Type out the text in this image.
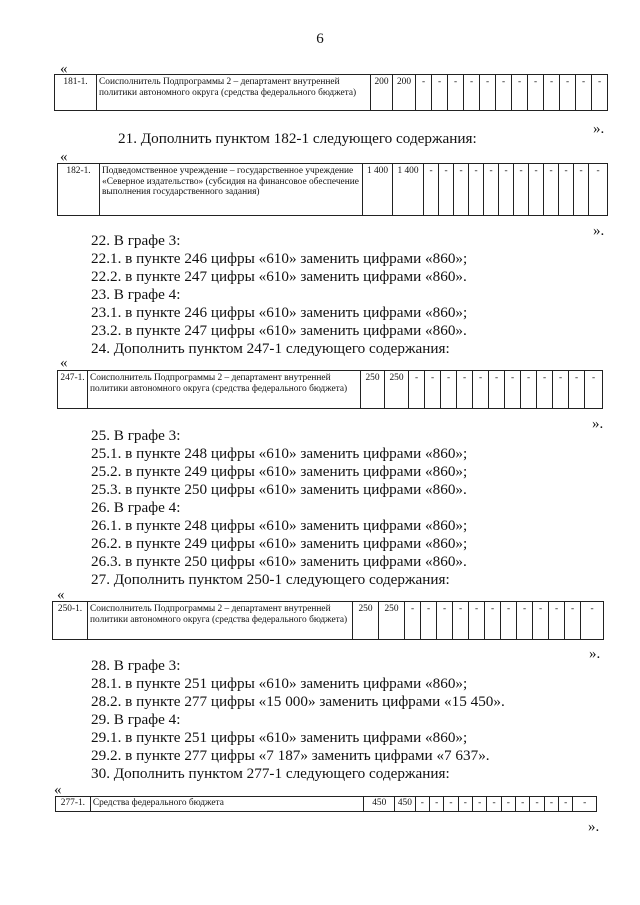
6
«
181-1.	Соисполнитель Подпрограммы 2 – департамент внутренней политики автономного округа (средства федерального бюджета)	200	200	-	-	-	-	-	-	-	-	-	-	-	-
».
21. Дополнить пунктом 182-1 следующего содержания:
«
182-1.	Подведомственное учреждение – государственное учреждение «Северное издательство» (субсидия на финансовое обеспечение выполнения государственного задания)	1 400	1 400	-	-	-	-	-	-	-	-	-	-	-	-
».
22. В графе 3:
22.1. в пункте 246 цифры «610» заменить цифрами «860»;
22.2. в пункте 247 цифры «610» заменить цифрами «860».
23. В графе 4:
23.1. в пункте 246 цифры «610» заменить цифрами «860»;
23.2. в пункте 247 цифры «610» заменить цифрами «860».
24. Дополнить пунктом 247-1 следующего содержания:
«
247-1.	Соисполнитель Подпрограммы 2 – департамент внутренней политики автономного округа (средства федерального бюджета)	250	250	-	-	-	-	-	-	-	-	-	-	-	-
».
25. В графе 3:
25.1. в пункте 248 цифры «610» заменить цифрами «860»;
25.2. в пункте 249 цифры «610» заменить цифрами «860»;
25.3. в пункте 250 цифры «610» заменить цифрами «860».
26. В графе 4:
26.1. в пункте 248 цифры «610» заменить цифрами «860»;
26.2. в пункте 249 цифры «610» заменить цифрами «860»;
26.3. в пункте 250 цифры «610» заменить цифрами «860».
27. Дополнить пунктом 250-1 следующего содержания:
«
250-1.	Соисполнитель Подпрограммы 2 – департамент внутренней политики автономного округа (средства федерального бюджета)	250	250	-	-	-	-	-	-	-	-	-	-	-	-
».
28. В графе 3:
28.1. в пункте 251 цифры «610» заменить цифрами «860»;
28.2. в пункте 277 цифры «15 000» заменить цифрами «15 450».
29. В графе 4:
29.1. в пункте 251 цифры «610» заменить цифрами «860»;
29.2. в пункте 277 цифры «7 187» заменить цифрами «7 637».
30. Дополнить пунктом 277-1 следующего содержания:
«
277-1.	Средства федерального бюджета	450	450	-	-	-	-	-	-	-	-	-	-	-	-
».
